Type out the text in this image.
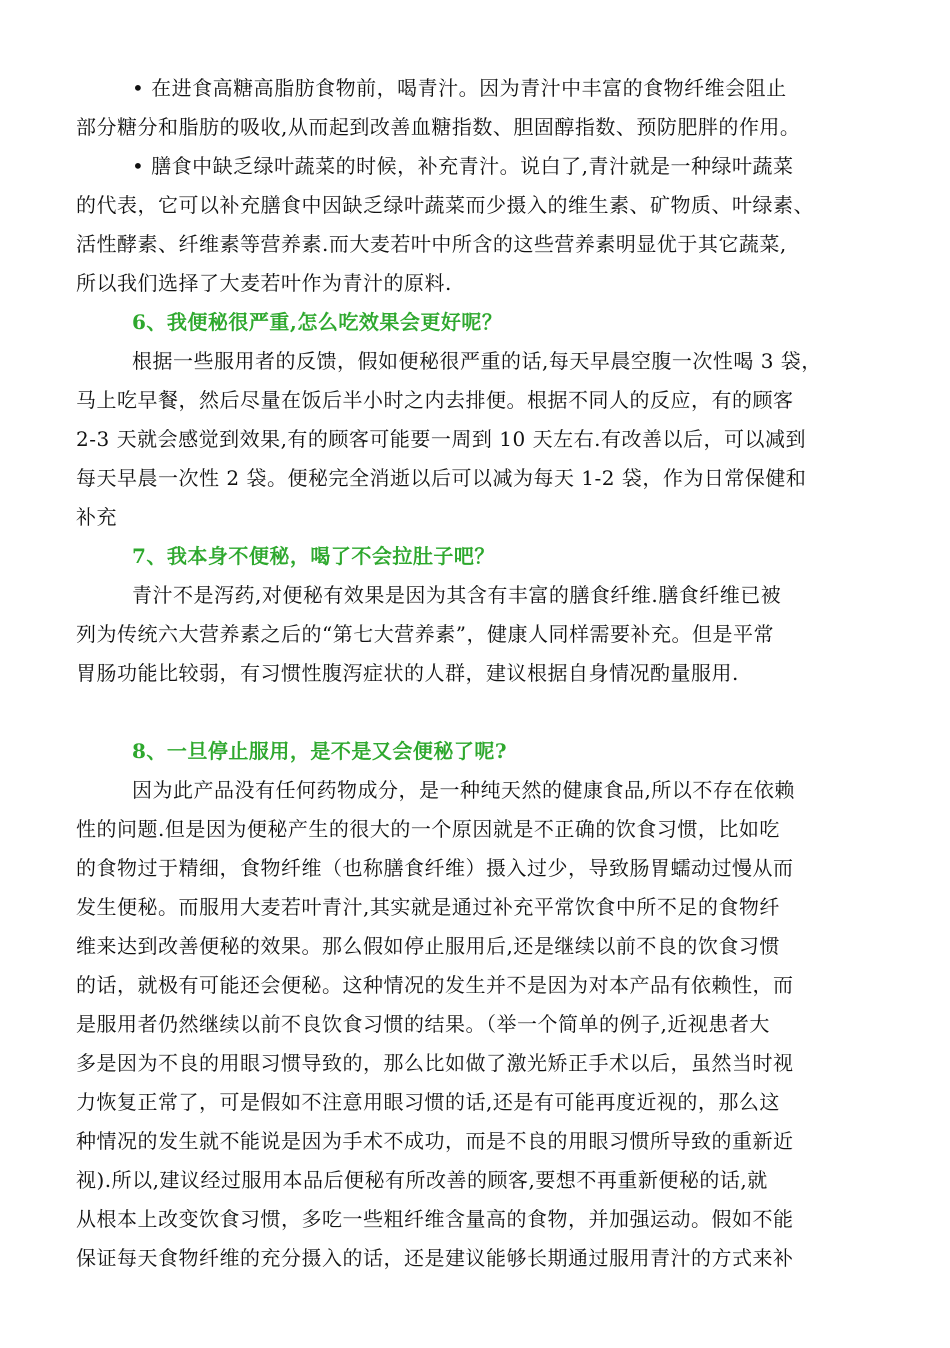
• 在进食高糖高脂肪食物前，喝青汁。因为青汁中丰富的食物纤维会阻止
部分糖分和脂肪的吸收,从而起到改善血糖指数、胆固醇指数、预防肥胖的作用。
• 膳食中缺乏绿叶蔬菜的时候，补充青汁。说白了,青汁就是一种绿叶蔬菜
的代表，它可以补充膳食中因缺乏绿叶蔬菜而少摄入的维生素、矿物质、叶绿素、
活性酵素、纤维素等营养素.而大麦若叶中所含的这些营养素明显优于其它蔬菜,
所以我们选择了大麦若叶作为青汁的原料.
6、我便秘很严重,怎么吃效果会更好呢？
根据一些服用者的反馈，假如便秘很严重的话,每天早晨空腹一次性喝 3 袋，
马上吃早餐，然后尽量在饭后半小时之内去排便。根据不同人的反应，有的顾客
2-3 天就会感觉到效果,有的顾客可能要一周到 10 天左右.有改善以后，可以减到
每天早晨一次性 2 袋。便秘完全消逝以后可以减为每天 1-2 袋，作为日常保健和
补充
7、我本身不便秘，喝了不会拉肚子吧？
青汁不是泻药,对便秘有效果是因为其含有丰富的膳食纤维.膳食纤维已被
列为传统六大营养素之后的“第七大营养素”，健康人同样需要补充。但是平常
胃肠功能比较弱，有习惯性腹泻症状的人群，建议根据自身情况酌量服用.
8、一旦停止服用，是不是又会便秘了呢?
因为此产品没有任何药物成分，是一种纯天然的健康食品,所以不存在依赖
性的问题.但是因为便秘产生的很大的一个原因就是不正确的饮食习惯，比如吃
的食物过于精细，食物纤维（也称膳食纤维）摄入过少，导致肠胃蠕动过慢从而
发生便秘。而服用大麦若叶青汁,其实就是通过补充平常饮食中所不足的食物纤
维来达到改善便秘的效果。那么假如停止服用后,还是继续以前不良的饮食习惯
的话，就极有可能还会便秘。这种情况的发生并不是因为对本产品有依赖性，而
是服用者仍然继续以前不良饮食习惯的结果。（举一个简单的例子,近视患者大
多是因为不良的用眼习惯导致的，那么比如做了激光矫正手术以后，虽然当时视
力恢复正常了，可是假如不注意用眼习惯的话,还是有可能再度近视的，那么这
种情况的发生就不能说是因为手术不成功，而是不良的用眼习惯所导致的重新近
视).所以,建议经过服用本品后便秘有所改善的顾客,要想不再重新便秘的话,就
从根本上改变饮食习惯，多吃一些粗纤维含量高的食物，并加强运动。假如不能
保证每天食物纤维的充分摄入的话，还是建议能够长期通过服用青汁的方式来补
